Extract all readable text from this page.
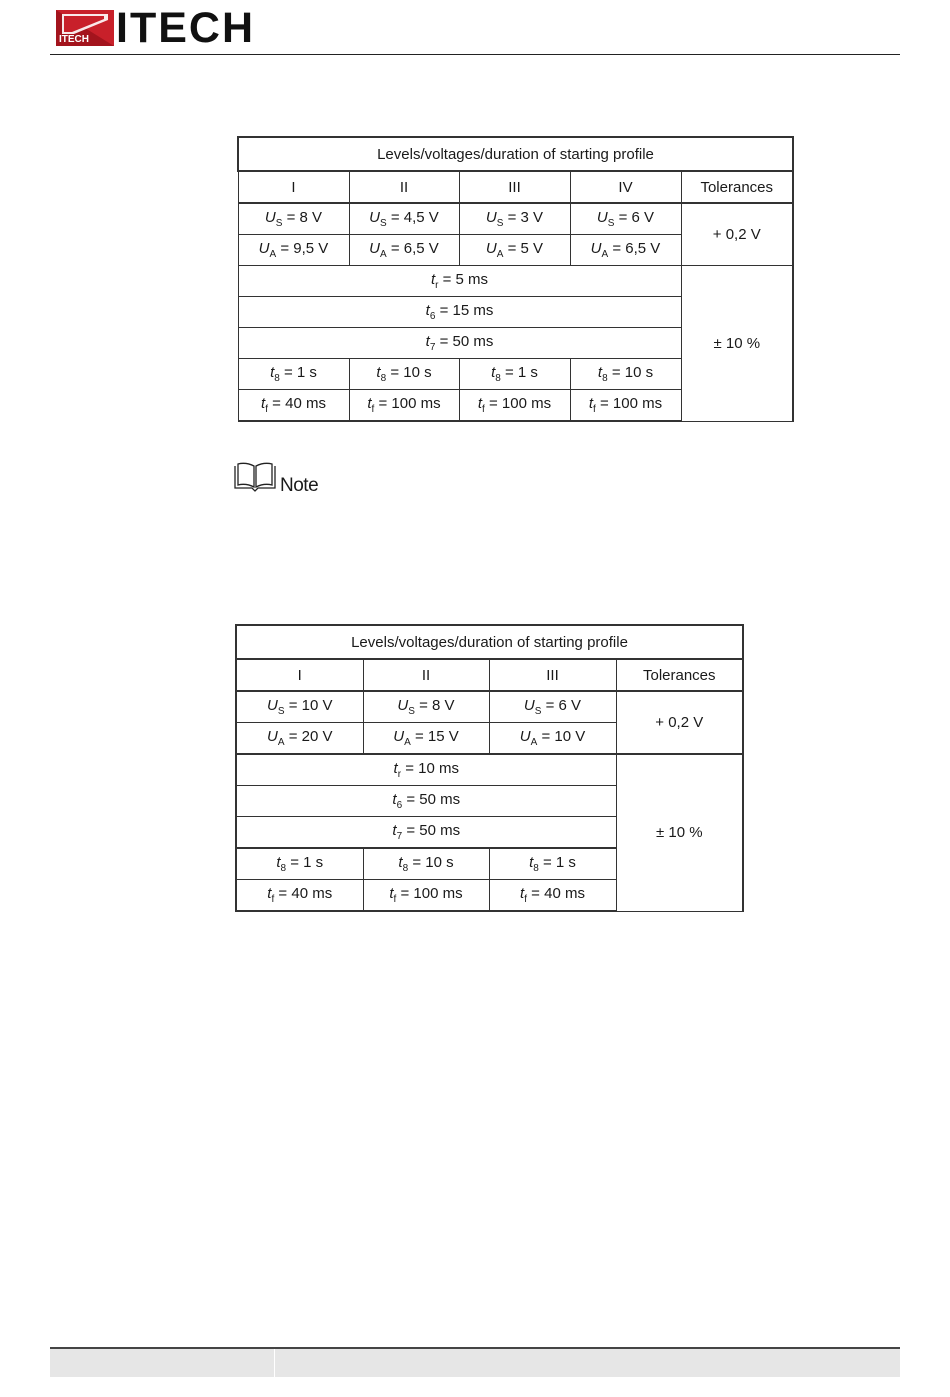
ITECH ITECH
Levels/voltages/duration of starting profile				
I	II	III	IV	Tolerances
$U_S = 8$ V	$U_S = 4,5$ V	$U_S = 3$ V	$U_S = 6$ V	+ 0,2 V
$U_A = 9,5$ V	$U_A = 6,5$ V	$U_A = 5$ V	$U_A = 6,5$ V	
$t_r = 5$ ms				± 10 %
$t_6 = 15$ ms				
$t_7 = 50$ ms				
$t_8 = 1$ s	$t_8 = 10$ s	$t_8 = 1$ s	$t_8 = 10$ s	
$t_f = 40$ ms	$t_f = 100$ ms	$t_f = 100$ ms	$t_f = 100$ ms	
Note
Levels/voltages/duration of starting profile			
I	II	III	Tolerances
$U_S = 10$ V	$U_S = 8$ V	$U_S = 6$ V	+ 0,2 V
$U_A = 20$ V	$U_A = 15$ V	$U_A = 10$ V	
$t_r = 10$ ms			± 10 %
$t_6 = 50$ ms			
$t_7 = 50$ ms			
$t_8 = 1$ s	$t_8 = 10$ s	$t_8 = 1$ s	
$t_f = 40$ ms	$t_f = 100$ ms	$t_f = 40$ ms	
